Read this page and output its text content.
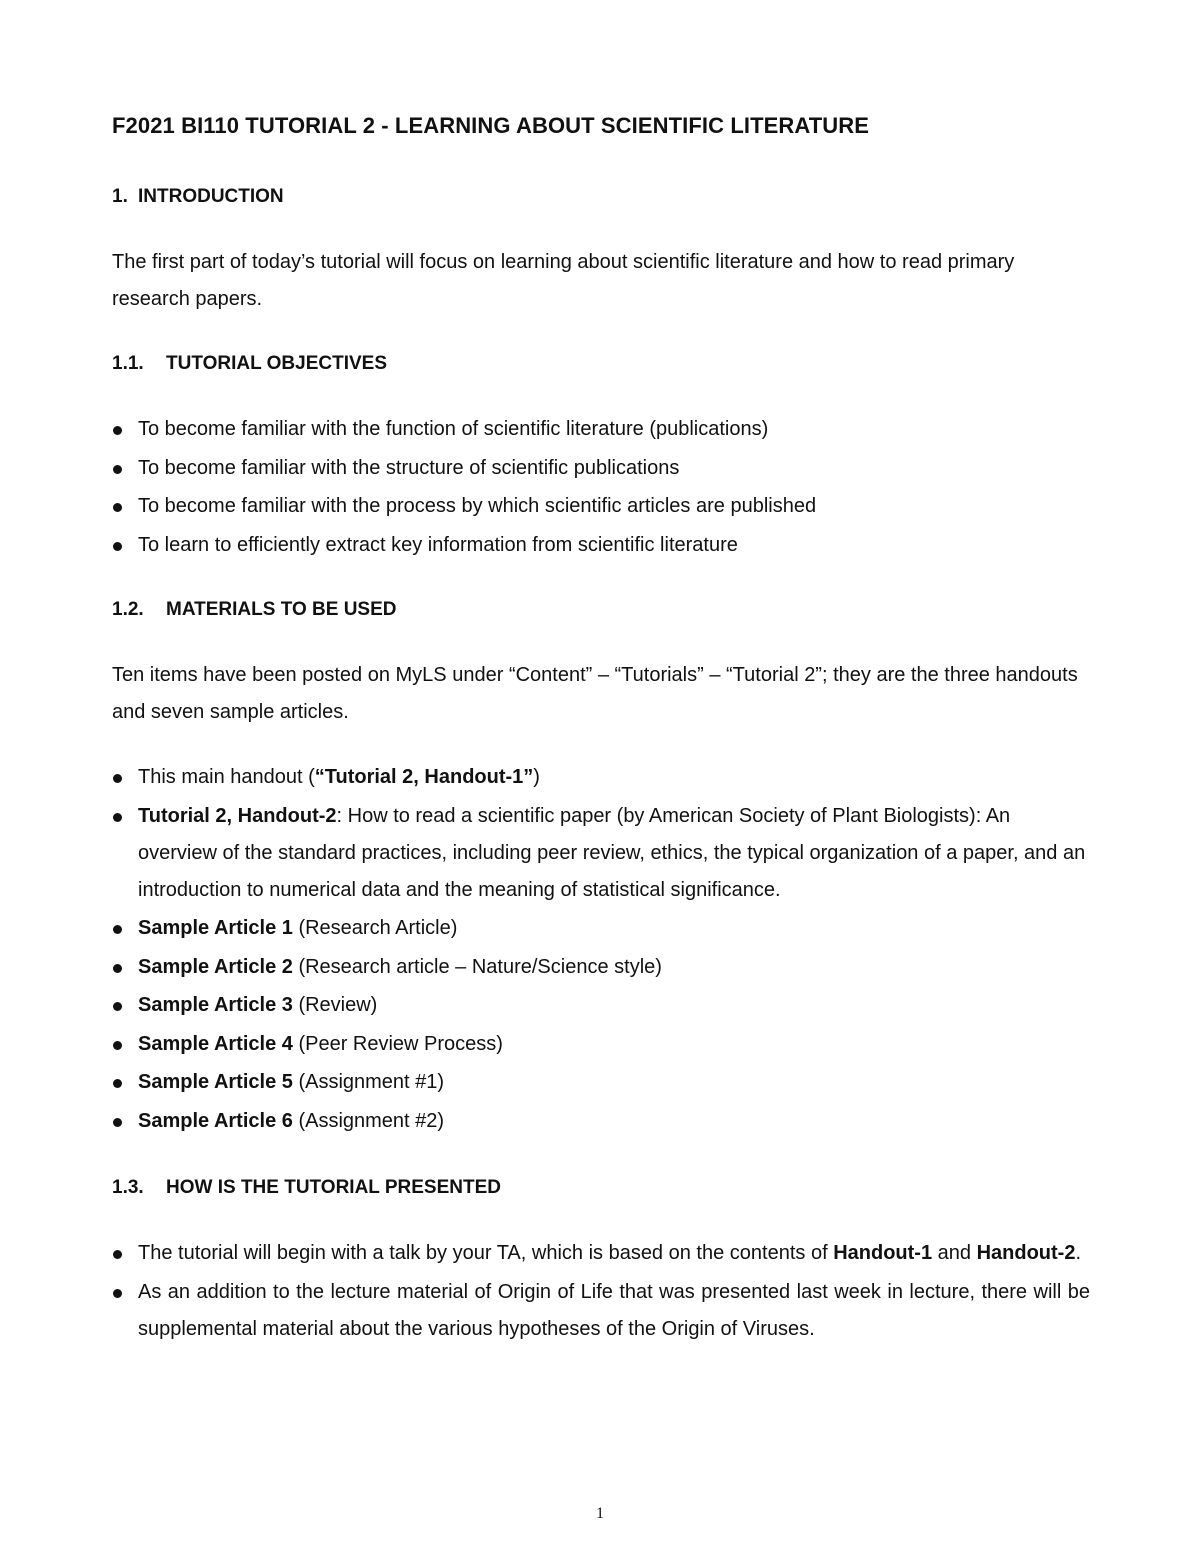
F2021 BI110 TUTORIAL 2 - LEARNING ABOUT SCIENTIFIC LITERATURE
1. INTRODUCTION
The first part of today’s tutorial will focus on learning about scientific literature and how to read primary research papers.
1.1. TUTORIAL OBJECTIVES
To become familiar with the function of scientific literature (publications)
To become familiar with the structure of scientific publications
To become familiar with the process by which scientific articles are published
To learn to efficiently extract key information from scientific literature
1.2. MATERIALS TO BE USED
Ten items have been posted on MyLS under “Content” – “Tutorials” – “Tutorial 2”; they are the three handouts and seven sample articles.
This main handout (“Tutorial 2, Handout-1”)
Tutorial 2, Handout-2: How to read a scientific paper (by American Society of Plant Biologists): An overview of the standard practices, including peer review, ethics, the typical organization of a paper, and an introduction to numerical data and the meaning of statistical significance.
Sample Article 1 (Research Article)
Sample Article 2 (Research article – Nature/Science style)
Sample Article 3 (Review)
Sample Article 4 (Peer Review Process)
Sample Article 5 (Assignment #1)
Sample Article 6 (Assignment #2)
1.3. HOW IS THE TUTORIAL PRESENTED
The tutorial will begin with a talk by your TA, which is based on the contents of Handout-1 and Handout-2.
As an addition to the lecture material of Origin of Life that was presented last week in lecture, there will be supplemental material about the various hypotheses of the Origin of Viruses.
1
